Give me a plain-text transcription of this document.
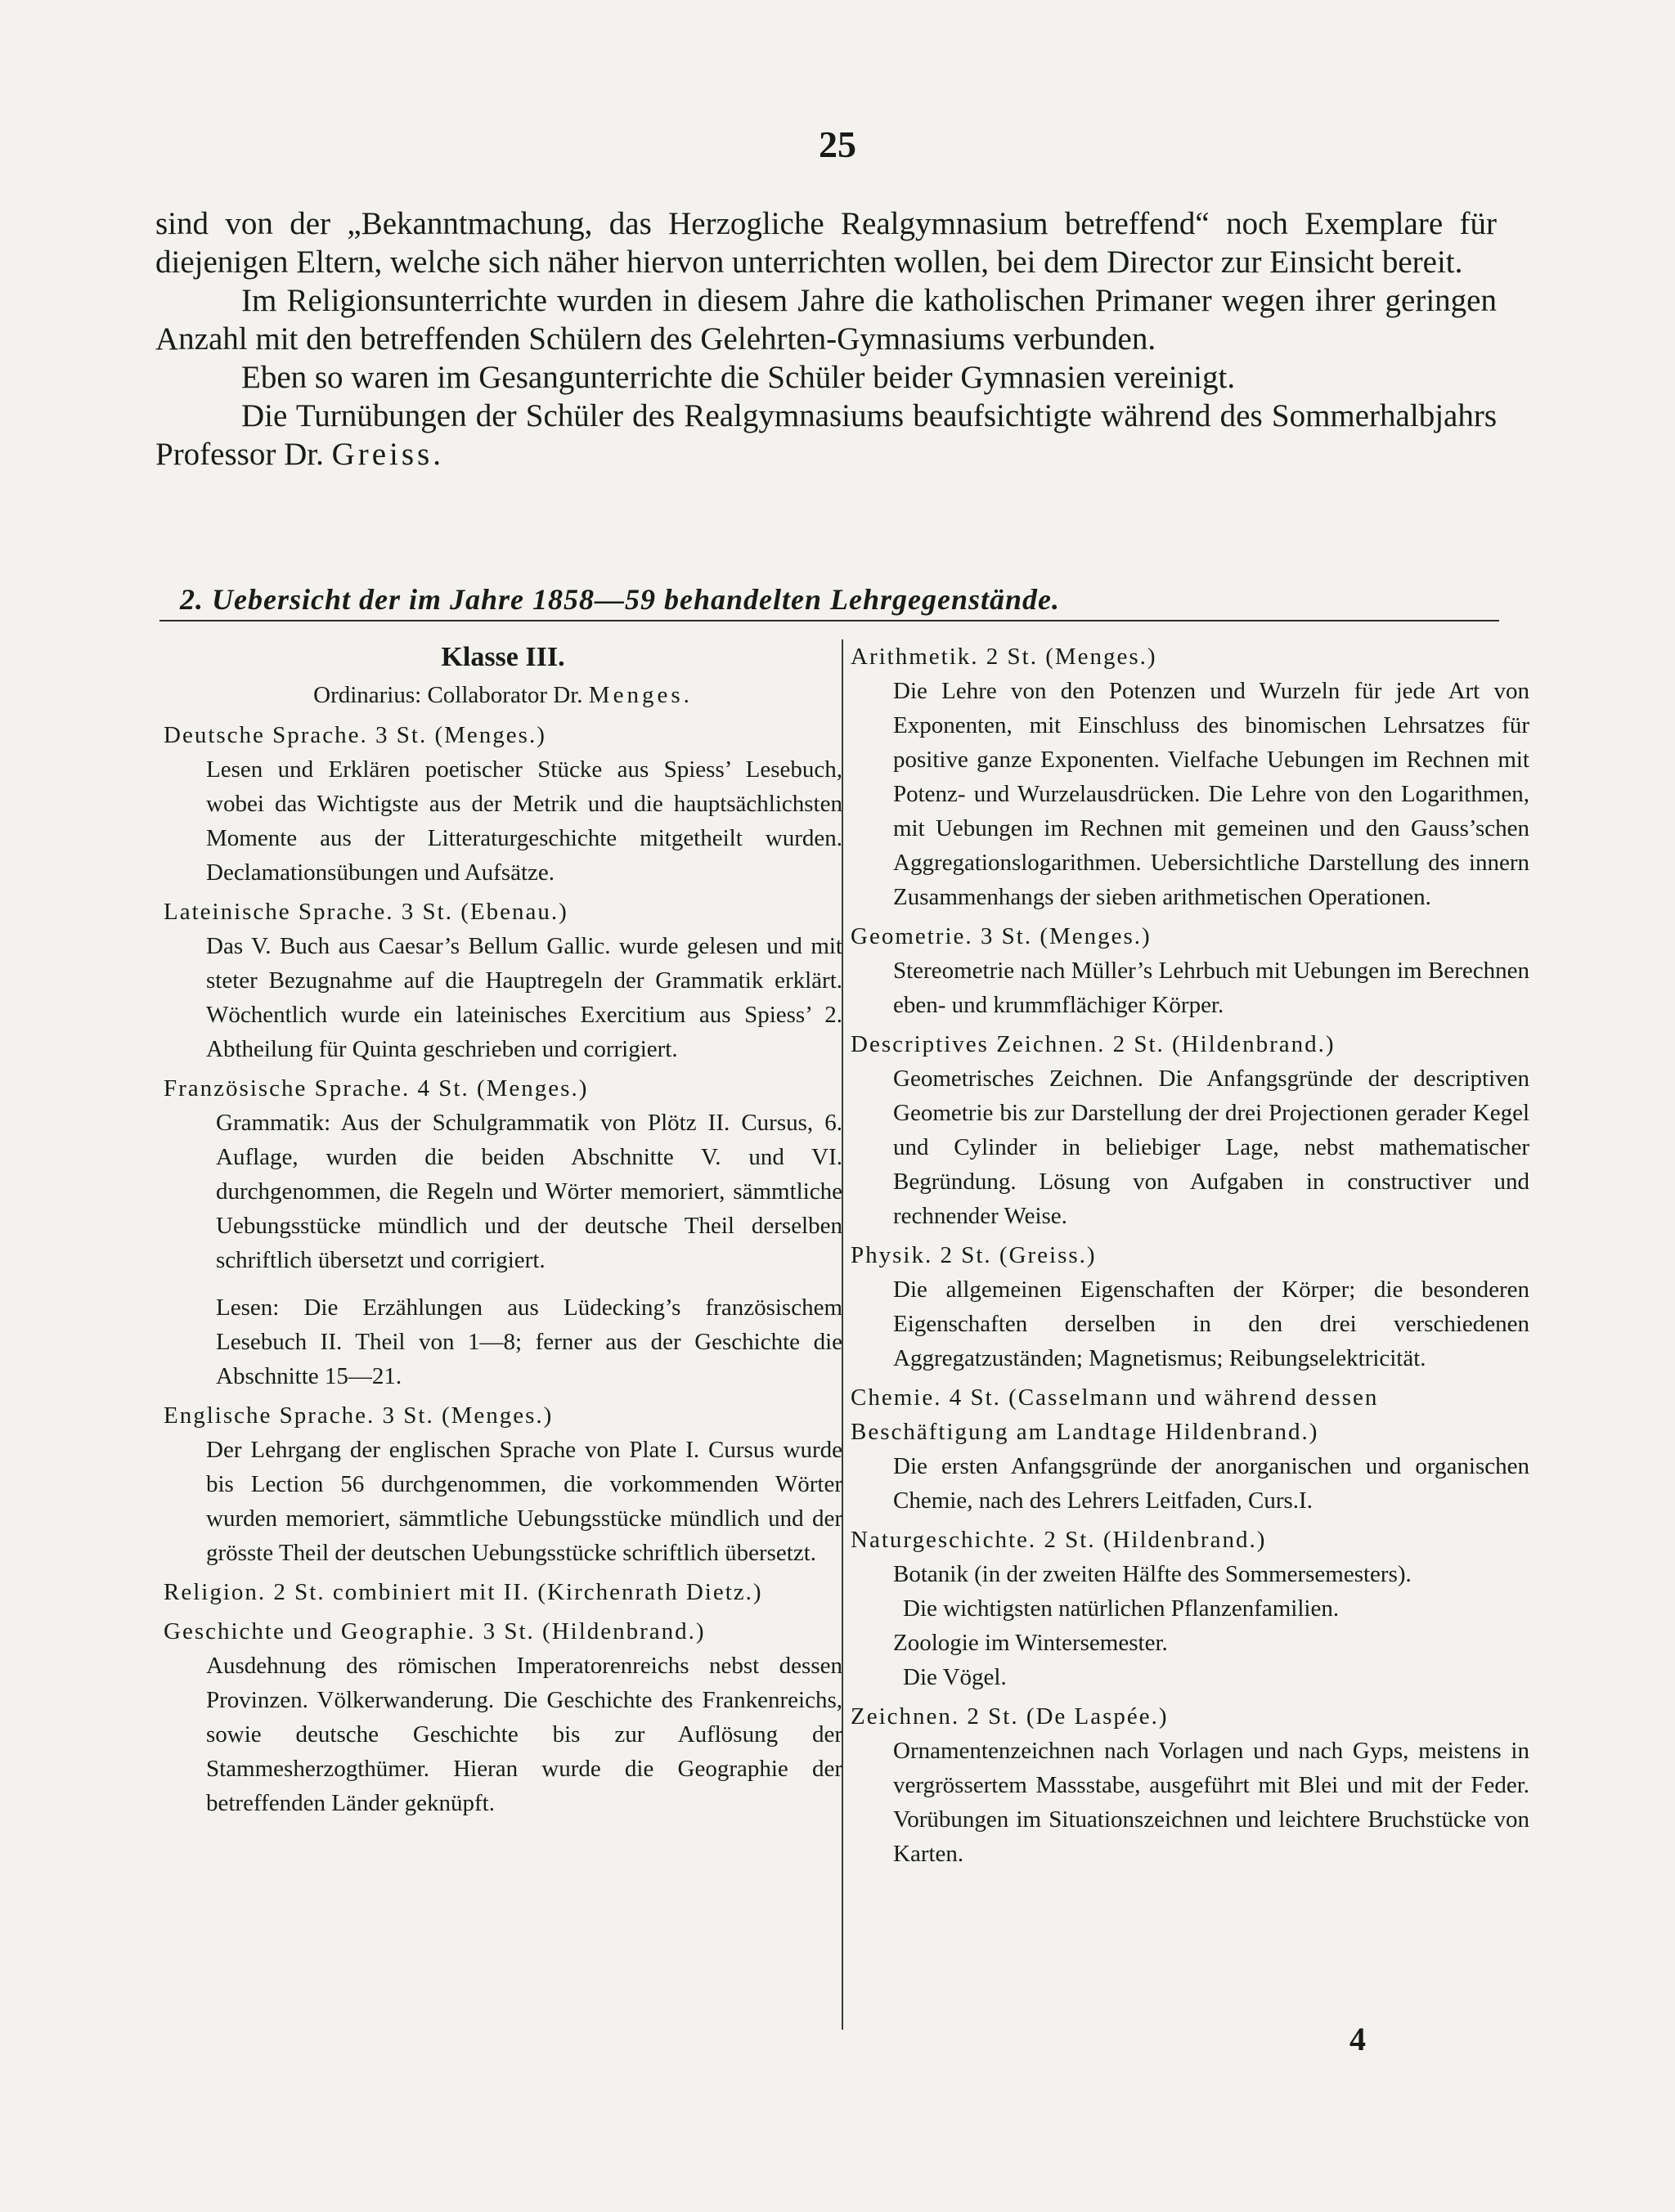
25

sind von der „Bekanntmachung, das Herzogliche Realgymnasium betreffend“ noch Exemplare für diejenigen Eltern, welche sich näher hiervon unterrichten wollen, bei dem Director zur Einsicht bereit.

Im Religionsunterrichte wurden in diesem Jahre die katholischen Primaner wegen ihrer geringen Anzahl mit den betreffenden Schülern des Gelehrten-Gymnasiums verbunden.

Eben so waren im Gesangunterrichte die Schüler beider Gymnasien vereinigt.

Die Turnübungen der Schüler des Realgymnasiums beaufsichtigte während des Sommerhalbjahrs Professor Dr. Greiss.

2. Uebersicht der im Jahre 1858—59 behandelten Lehrgegenstände.
Klasse III.
Ordinarius: Collaborator Dr. Menges.
Deutsche Sprache. 3 St. (Menges.)
Lesen und Erklären poetischer Stücke aus Spiess’ Lesebuch, wobei das Wichtigste aus der Metrik und die hauptsächlichsten Momente aus der Litteraturgeschichte mitgetheilt wurden. Declamationsübungen und Aufsätze.
Lateinische Sprache. 3 St. (Ebenau.)
Das V. Buch aus Caesar’s Bellum Gallic. wurde gelesen und mit steter Bezugnahme auf die Hauptregeln der Grammatik erklärt. Wöchentlich wurde ein lateinisches Exercitium aus Spiess’ 2. Abtheilung für Quinta geschrieben und corrigiert.
Französische Sprache. 4 St. (Menges.)
Grammatik: Aus der Schulgrammatik von Plötz II. Cursus, 6. Auflage, wurden die beiden Abschnitte V. und VI. durchgenommen, die Regeln und Wörter memoriert, sämmtliche Uebungsstücke mündlich und der deutsche Theil derselben schriftlich übersetzt und corrigiert.
Lesen: Die Erzählungen aus Lüdecking’s französischem Lesebuch II. Theil von 1—8; ferner aus der Geschichte die Abschnitte 15—21.
Englische Sprache. 3 St. (Menges.)
Der Lehrgang der englischen Sprache von Plate I. Cursus wurde bis Lection 56 durchgenommen, die vorkommenden Wörter wurden memoriert, sämmtliche Uebungsstücke mündlich und der grösste Theil der deutschen Uebungsstücke schriftlich übersetzt.
Religion. 2 St. combiniert mit II. (Kirchenrath Dietz.)
Geschichte und Geographie. 3 St. (Hildenbrand.)
Ausdehnung des römischen Imperatorenreichs nebst dessen Provinzen. Völkerwanderung. Die Geschichte des Frankenreichs, sowie deutsche Geschichte bis zur Auflösung der Stammesherzogthümer. Hieran wurde die Geographie der betreffenden Länder geknüpft.
Arithmetik. 2 St. (Menges.)
Die Lehre von den Potenzen und Wurzeln für jede Art von Exponenten, mit Einschluss des binomischen Lehrsatzes für positive ganze Exponenten. Vielfache Uebungen im Rechnen mit Potenz- und Wurzelausdrücken. Die Lehre von den Logarithmen, mit Uebungen im Rechnen mit gemeinen und den Gauss’schen Aggregationslogarithmen. Uebersichtliche Darstellung des innern Zusammenhangs der sieben arithmetischen Operationen.
Geometrie. 3 St. (Menges.)
Stereometrie nach Müller’s Lehrbuch mit Uebungen im Berechnen eben- und krummflächiger Körper.
Descriptives Zeichnen. 2 St. (Hildenbrand.)
Geometrisches Zeichnen. Die Anfangsgründe der descriptiven Geometrie bis zur Darstellung der drei Projectionen gerader Kegel und Cylinder in beliebiger Lage, nebst mathematischer Begründung. Lösung von Aufgaben in constructiver und rechnender Weise.
Physik. 2 St. (Greiss.)
Die allgemeinen Eigenschaften der Körper; die besonderen Eigenschaften derselben in den drei verschiedenen Aggregatzuständen; Magnetismus; Reibungselektricität.
Chemie. 4 St. (Casselmann und während dessen Beschäftigung am Landtage Hildenbrand.)
Die ersten Anfangsgründe der anorganischen und organischen Chemie, nach des Lehrers Leitfaden, Curs.I.
Naturgeschichte. 2 St. (Hildenbrand.)
Botanik (in der zweiten Hälfte des Sommersemesters).
Die wichtigsten natürlichen Pflanzenfamilien.
Zoologie im Wintersemester.
Die Vögel.
Zeichnen. 2 St. (De Laspée.)
Ornamentenzeichnen nach Vorlagen und nach Gyps, meistens in vergrössertem Massstabe, ausgeführt mit Blei und mit der Feder. Vorübungen im Situationszeichnen und leichtere Bruchstücke von Karten.
4
